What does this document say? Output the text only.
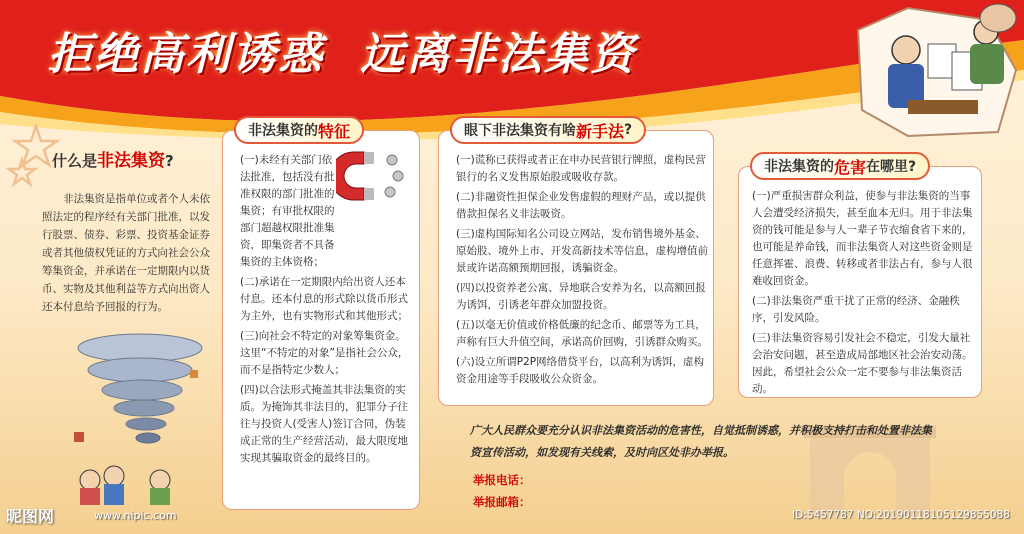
拒绝高利诱惑 远离非法集资
什么是非法集资?
非法集资是指单位或者个人未依照法定的程序经有关部门批准，以发行股票、债券、彩票、投资基金证券或者其他债权凭证的方式向社会公众筹集资金，并承诺在一定期限内以货币、实物及其他利益等方式向出资人还本付息给予回报的行为。
非法集资的 特征

(一)未经有关部门依法批准，包括没有批准权限的部门批准的集资；有审批权限的部门超越权限批准集资，即集资者不具备集资的主体资格；

(二)承诺在一定期限内给出资人还本付息。还本付息的形式除以货币形式为主外，也有实物形式和其他形式；

(三)向社会不特定的对象筹集资金。这里“不特定的对象”是指社会公众，而不是指特定少数人；

(四)以合法形式掩盖其非法集资的实质。为掩饰其非法目的，犯罪分子往往与投资人(受害人)签订合同，伪装成正常的生产经营活动，最大限度地实现其骗取资金的最终目的。

眼下非法集资有啥 新手法 ?

(一)谎称已获得或者正在申办民营银行牌照，虚构民营银行的名义发售原始股或吸收存款。

(二)非融资性担保企业发售虚假的理财产品，或以提供借款担保名义非法吸资。

(三)虚构国际知名公司设立网站，发布销售境外基金、原始股、境外上市、开发高新技术等信息，虚构增值前景或许诺高额预期回报，诱骗资金。

(四)以投资养老公寓、异地联合安养为名，以高额回报为诱饵，引诱老年群众加盟投资。

(五)以毫无价值或价格低廉的纪念币、邮票等为工具，声称有巨大升值空间，承诺高价回购，引诱群众购买。

(六)设立所谓P2P网络借贷平台，以高利为诱饵，虚构资金用途等手段吸收公众资金。

非法集资的 危害 在哪里?

(一)严重损害群众利益，使参与非法集资的当事人会遭受经济损失，甚至血本无归。用于非法集资的钱可能是参与人一辈子节衣缩食省下来的，也可能是养命钱，而非法集资人对这些资金则是任意挥霍、浪费、转移或者非法占有，参与人很难收回资金。

(二)非法集资严重干扰了正常的经济、金融秩序，引发风险。

(三)非法集资容易引发社会不稳定，引发大量社会治安问题，甚至造成局部地区社会治安动荡。因此，希望社会公众一定不要参与非法集资活动。

广大人民群众要充分认识非法集资活动的危害性，自觉抵制诱惑，并积极支持打击和处置非法集资宣传活动，如发现有关线索，及时向区处非办举报。
举报电话：
举报邮箱：
昵图网	www.nipic.com	ID:5457787 NO:20190118105129855088
